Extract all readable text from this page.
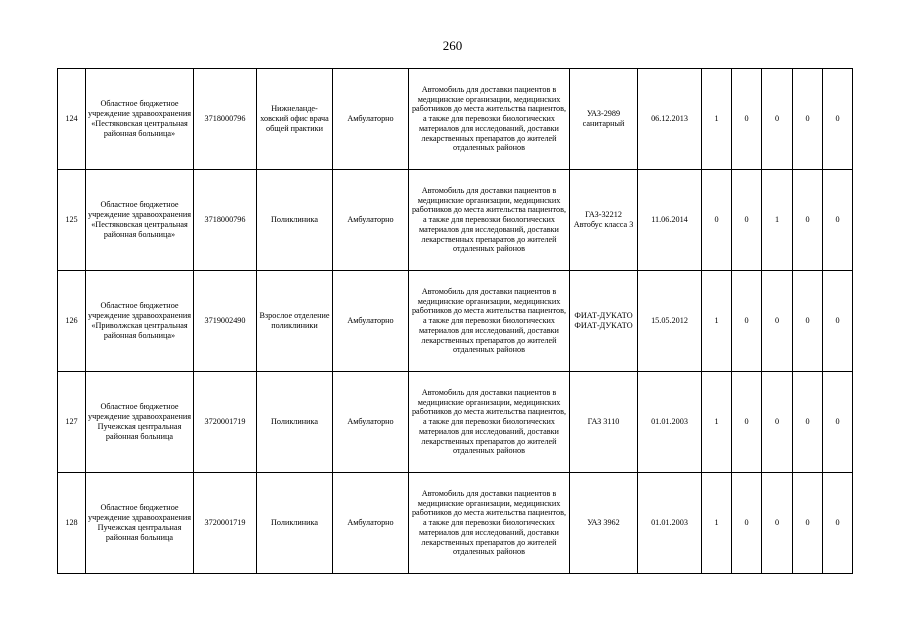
260
124	Областное бюджетное учреждение здравоохранения «Пестяковская центральная районная больница»	3718000796	Нижнеланде-ховский офис врача общей практики	Амбулаторно	Автомобиль для доставки пациентов в медицинские организации, медицинских работников до места жительства пациентов, а также для перевозки биологических материалов для исследований, доставки лекарственных препаратов до жителей отдаленных районов	УАЗ-2989 санитарный	06.12.2013	1	0	0	0	0
125	Областное бюджетное учреждение здравоохранения «Пестяковская центральная районная больница»	3718000796	Поликлиника	Амбулаторно	Автомобиль для доставки пациентов в медицинские организации, медицинских работников до места жительства пациентов, а также для перевозки биологических материалов для исследований, доставки лекарственных препаратов до жителей отдаленных районов	ГАЗ-32212 Автобус класса 3	11.06.2014	0	0	1	0	0
126	Областное бюджетное учреждение здравоохранения «Приволжская центральная районная больница»	3719002490	Взрослое отделение поликлиники	Амбулаторно	Автомобиль для доставки пациентов в медицинские организации, медицинских работников до места жительства пациентов, а также для перевозки биологических материалов для исследований, доставки лекарственных препаратов до жителей отдаленных районов	ФИАТ-ДУКАТО ФИАТ-ДУКАТО	15.05.2012	1	0	0	0	0
127	Областное бюджетное учреждение здравоохранения Пучежская центральная районная больница	3720001719	Поликлиника	Амбулаторно	Автомобиль для доставки пациентов в медицинские организации, медицинских работников до места жительства пациентов, а также для перевозки биологических материалов для исследований, доставки лекарственных препаратов до жителей отдаленных районов	ГАЗ 3110	01.01.2003	1	0	0	0	0
128	Областное бюджетное учреждение здравоохранения Пучежская центральная районная больница	3720001719	Поликлиника	Амбулаторно	Автомобиль для доставки пациентов в медицинские организации, медицинских работников до места жительства пациентов, а также для перевозки биологических материалов для исследований, доставки лекарственных препаратов до жителей отдаленных районов	УАЗ 3962	01.01.2003	1	0	0	0	0
